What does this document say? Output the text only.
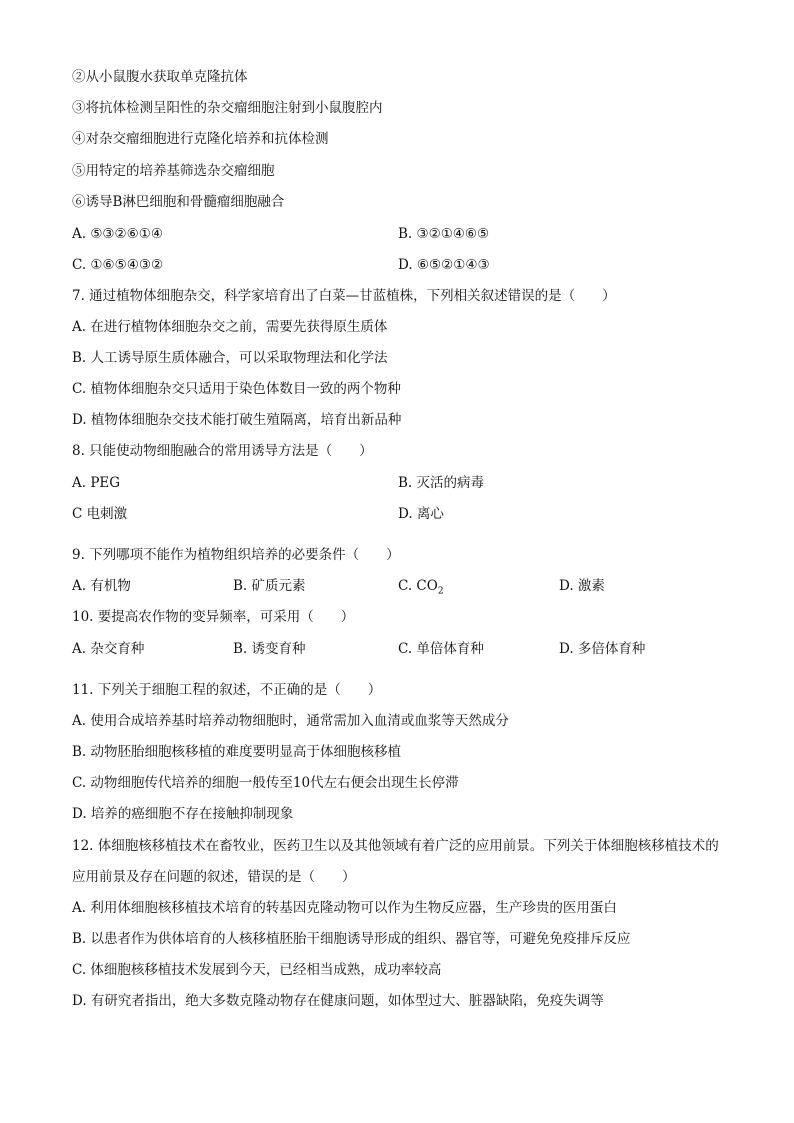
②从小鼠腹水获取单克隆抗体
③将抗体检测呈阳性的杂交瘤细胞注射到小鼠腹腔内
④对杂交瘤细胞进行克隆化培养和抗体检测
⑤用特定的培养基筛选杂交瘤细胞
⑥诱导B淋巴细胞和骨髓瘤细胞融合
A. ⑤③②⑥①④	B. ③②①④⑥⑤
C. ①⑥⑤④③②	D. ⑥⑤②①④③
7. 通过植物体细胞杂交，科学家培育出了白菜—甘蓝植株，下列相关叙述错误的是（　　）
A. 在进行植物体细胞杂交之前，需要先获得原生质体
B. 人工诱导原生质体融合，可以采取物理法和化学法
C. 植物体细胞杂交只适用于染色体数目一致的两个物种
D. 植物体细胞杂交技术能打破生殖隔离，培育出新品种
8. 只能使动物细胞融合的常用诱导方法是（　　）
A. PEG	B. 灭活的病毒
C 电刺激	D. 离心
9. 下列哪项不能作为植物组织培养的必要条件（　　）
A. 有机物	B. 矿质元素	C. $CO_2$	D. 激素
10. 要提高农作物的变异频率，可采用（　　）
A. 杂交育种	B. 诱变育种	C. 单倍体育种	D. 多倍体育种
11. 下列关于细胞工程的叙述，不正确的是（　　）
A. 使用合成培养基时培养动物细胞时，通常需加入血清或血浆等天然成分
B. 动物胚胎细胞核移植的难度要明显高于体细胞核移植
C. 动物细胞传代培养的细胞一般传至10代左右便会出现生长停滞
D. 培养的癌细胞不存在接触抑制现象
12. 体细胞核移植技术在畜牧业，医药卫生以及其他领域有着广泛的应用前景。下列关于体细胞核移植技术的应用前景及存在问题的叙述，错误的是（　　）
A. 利用体细胞核移植技术培育的转基因克隆动物可以作为生物反应器，生产珍贵的医用蛋白
B. 以患者作为供体培育的人核移植胚胎干细胞诱导形成的组织、器官等，可避免免疫排斥反应
C. 体细胞核移植技术发展到今天，已经相当成熟，成功率较高
D. 有研究者指出，绝大多数克隆动物存在健康问题，如体型过大、脏器缺陷，免疫失调等
